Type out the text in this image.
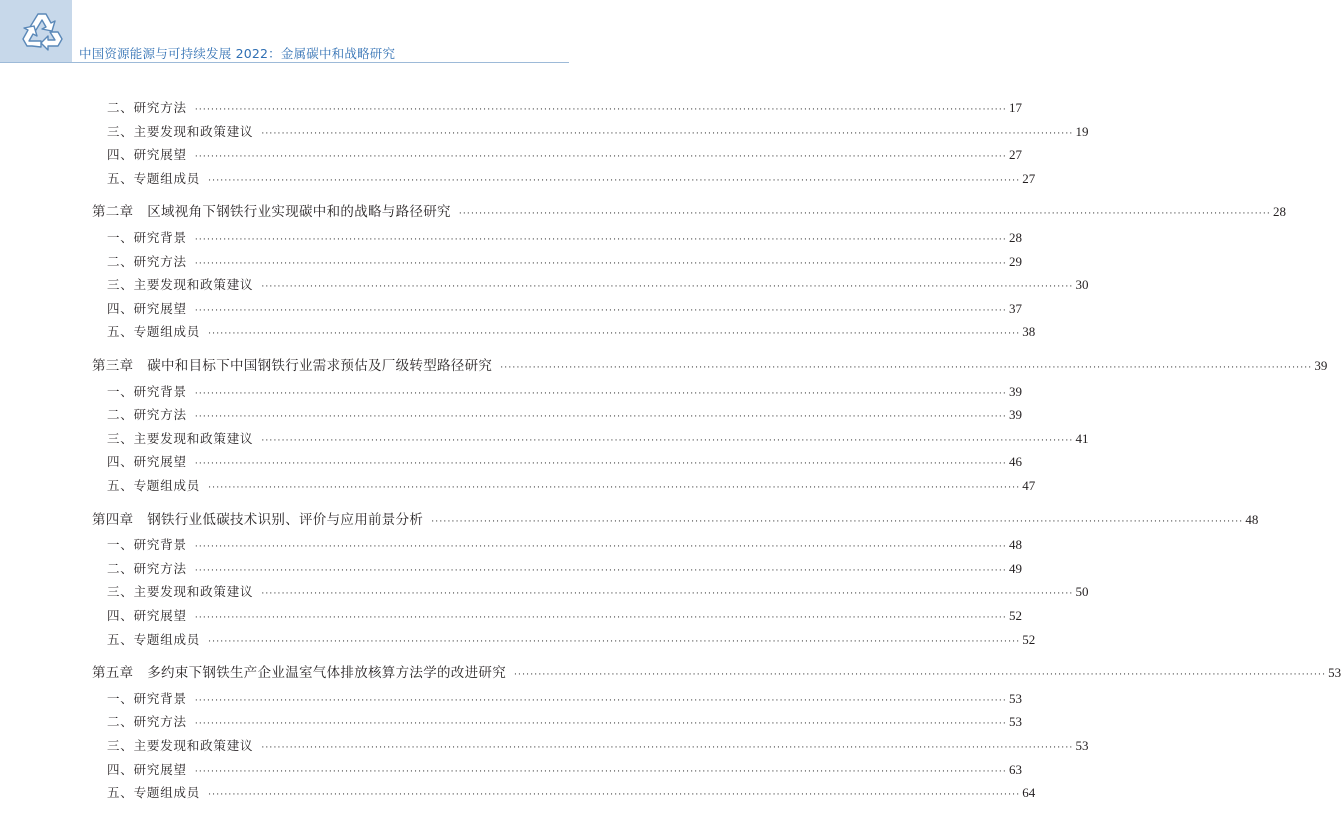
中国资源能源与可持续发展 2022：金属碳中和战略研究
二、研究方法 ········································································································································································································ 17
三、主要发现和政策建议 ········································································································································································································ 19
四、研究展望 ········································································································································································································ 27
五、专题组成员 ········································································································································································································ 27
第二章　区域视角下钢铁行业实现碳中和的战略与路径研究 ········································································································································································································ 28
一、研究背景 ········································································································································································································ 28
二、研究方法 ········································································································································································································ 29
三、主要发现和政策建议 ········································································································································································································ 30
四、研究展望 ········································································································································································································ 37
五、专题组成员 ········································································································································································································ 38
第三章　碳中和目标下中国钢铁行业需求预估及厂级转型路径研究 ········································································································································································································ 39
一、研究背景 ········································································································································································································ 39
二、研究方法 ········································································································································································································ 39
三、主要发现和政策建议 ········································································································································································································ 41
四、研究展望 ········································································································································································································ 46
五、专题组成员 ········································································································································································································ 47
第四章　钢铁行业低碳技术识别、评价与应用前景分析 ········································································································································································································ 48
一、研究背景 ········································································································································································································ 48
二、研究方法 ········································································································································································································ 49
三、主要发现和政策建议 ········································································································································································································ 50
四、研究展望 ········································································································································································································ 52
五、专题组成员 ········································································································································································································ 52
第五章　多约束下钢铁生产企业温室气体排放核算方法学的改进研究 ········································································································································································································ 53
一、研究背景 ········································································································································································································ 53
二、研究方法 ········································································································································································································ 53
三、主要发现和政策建议 ········································································································································································································ 53
四、研究展望 ········································································································································································································ 63
五、专题组成员 ········································································································································································································ 64
